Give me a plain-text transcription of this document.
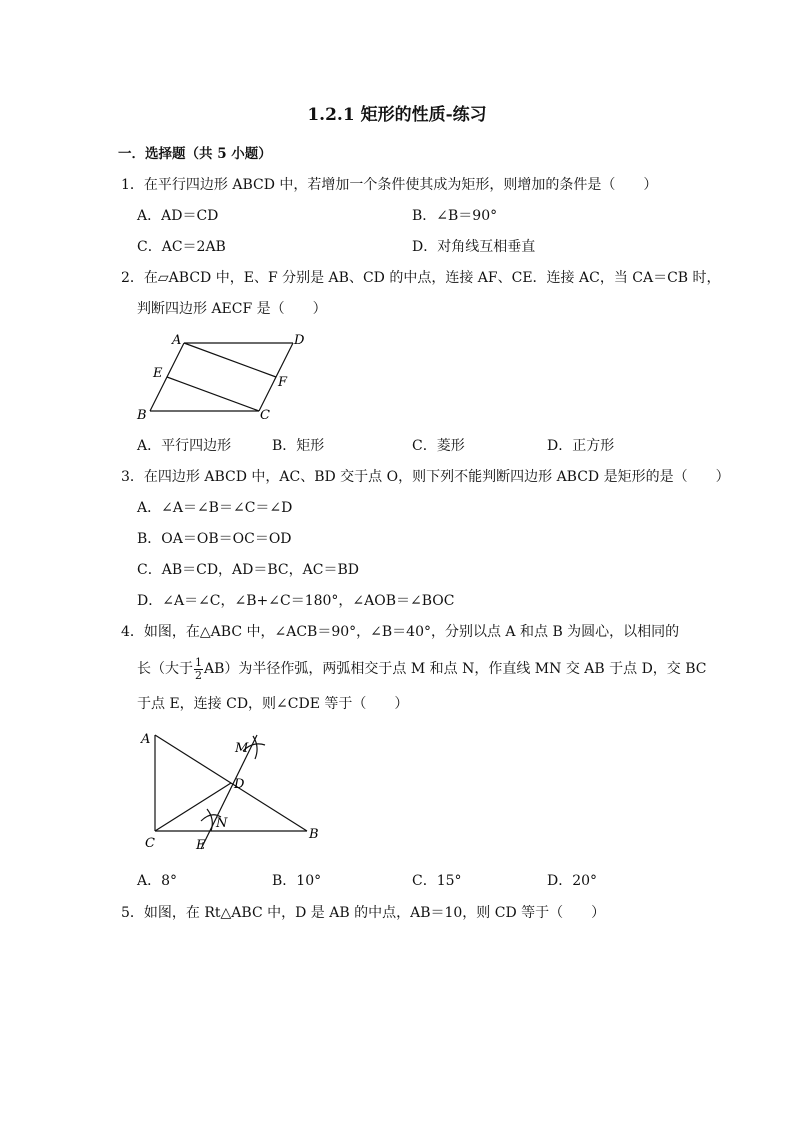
1.2.1 矩形的性质-练习
一．选择题（共 5 小题）
1．在平行四边形 ABCD 中，若增加一个条件使其成为矩形，则增加的条件是（　　）
A．AD＝CD	B．∠B＝90°
C．AC＝2AB	D．对角线互相垂直
2．在▱ABCD 中，E、F 分别是 AB、CD 的中点，连接 AF、CE．连接 AC，当 CA＝CB 时，
判断四边形 AECF 是（　　）
A	D
E
F
B	C
A．平行四边形	B．矩形	C．菱形	D．正方形
3．在四边形 ABCD 中，AC、BD 交于点 O，则下列不能判断四边形 ABCD 是矩形的是（　　）
A．∠A＝∠B＝∠C＝∠D
B．OA＝OB＝OC＝OD
C．AB＝CD，AD＝BC，AC＝BD
D．∠A＝∠C，∠B+∠C＝180°，∠AOB＝∠BOC
4．如图，在△ABC 中，∠ACB＝90°，∠B＝40°，分别以点 A 和点 B 为圆心，以相同的
长（大于 $\frac{1}{2} AB$）为半径作弧，两弧相交于点 M 和点 N，作直线 MN 交 AB 于点 D，交 BC
于点 E，连接 CD，则∠CDE 等于（　　）
A
M
D
N
C	E
B
A．8°	B．10°	C．15°	D．20°
5．如图，在 Rt△ABC 中，D 是 AB 的中点，AB＝10，则 CD 等于（　　）
